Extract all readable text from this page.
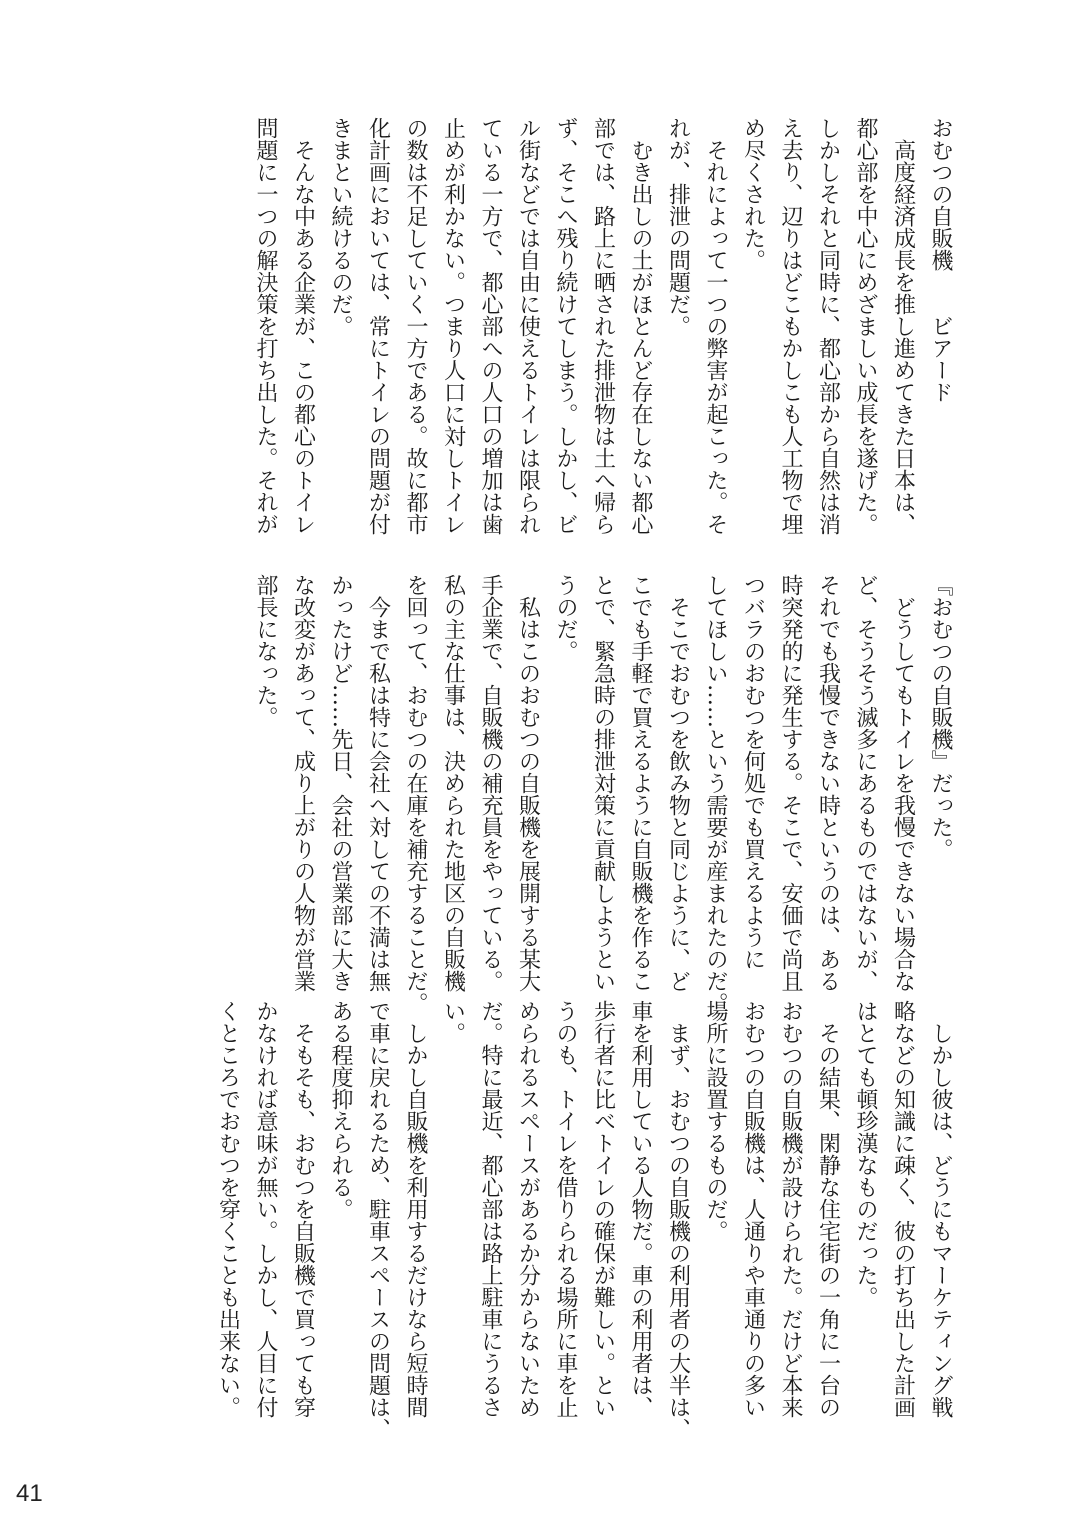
おむつの自販機　　ビアード
　高度経済成長を推し進めてきた日本は、
都心部を中心にめざましい成長を遂げた。
しかしそれと同時に、都心部から自然は消
え去り、辺りはどこもかしこも人工物で埋
め尽くされた。
　それによって一つの弊害が起こった。そ
れが、排泄の問題だ。
　むき出しの土がほとんど存在しない都心
部では、路上に晒された排泄物は土へ帰ら
ず、そこへ残り続けてしまう。しかし、ビ
ル街などでは自由に使えるトイレは限られ
ている一方で、都心部への人口の増加は歯
止めが利かない。つまり人口に対しトイレ
の数は不足していく一方である。故に都市
化計画においては、常にトイレの問題が付
きまとい続けるのだ。
　そんな中ある企業が、この都心のトイレ
問題に一つの解決策を打ち出した。それが
『おむつの自販機』だった。
　どうしてもトイレを我慢できない場合な
ど、そうそう滅多にあるものではないが、
それでも我慢できない時というのは、ある
時突発的に発生する。そこで、安価で尚且
つバラのおむつを何処でも買えるように
してほしい……という需要が産まれたのだ。
　そこでおむつを飲み物と同じように、ど
こでも手軽で買えるように自販機を作るこ
とで、緊急時の排泄対策に貢献しようとい
うのだ。
　私はこのおむつの自販機を展開する某大
手企業で、自販機の補充員をやっている。
私の主な仕事は、決められた地区の自販機
を回って、おむつの在庫を補充することだ。
　今まで私は特に会社へ対しての不満は無
かったけど……先日、会社の営業部に大き
な改変があって、成り上がりの人物が営業
部長になった。
　しかし彼は、どうにもマーケティング戦
略などの知識に疎く、彼の打ち出した計画
はとても頓珍漢なものだった。
　その結果、閑静な住宅街の一角に一台の
おむつの自販機が設けられた。だけど本来
おむつの自販機は、人通りや車通りの多い
場所に設置するものだ。
　まず、おむつの自販機の利用者の大半は、
車を利用している人物だ。車の利用者は、
歩行者に比べトイレの確保が難しい。とい
うのも、トイレを借りられる場所に車を止
められるスペースがあるか分からないため
だ。特に最近、都心部は路上駐車にうるさ
い。
　しかし自販機を利用するだけなら短時間
で車に戻れるため、駐車スペースの問題は、
ある程度抑えられる。
　そもそも、おむつを自販機で買っても穿
かなければ意味が無い。しかし、人目に付
くところでおむつを穿くことも出来ない。
41
